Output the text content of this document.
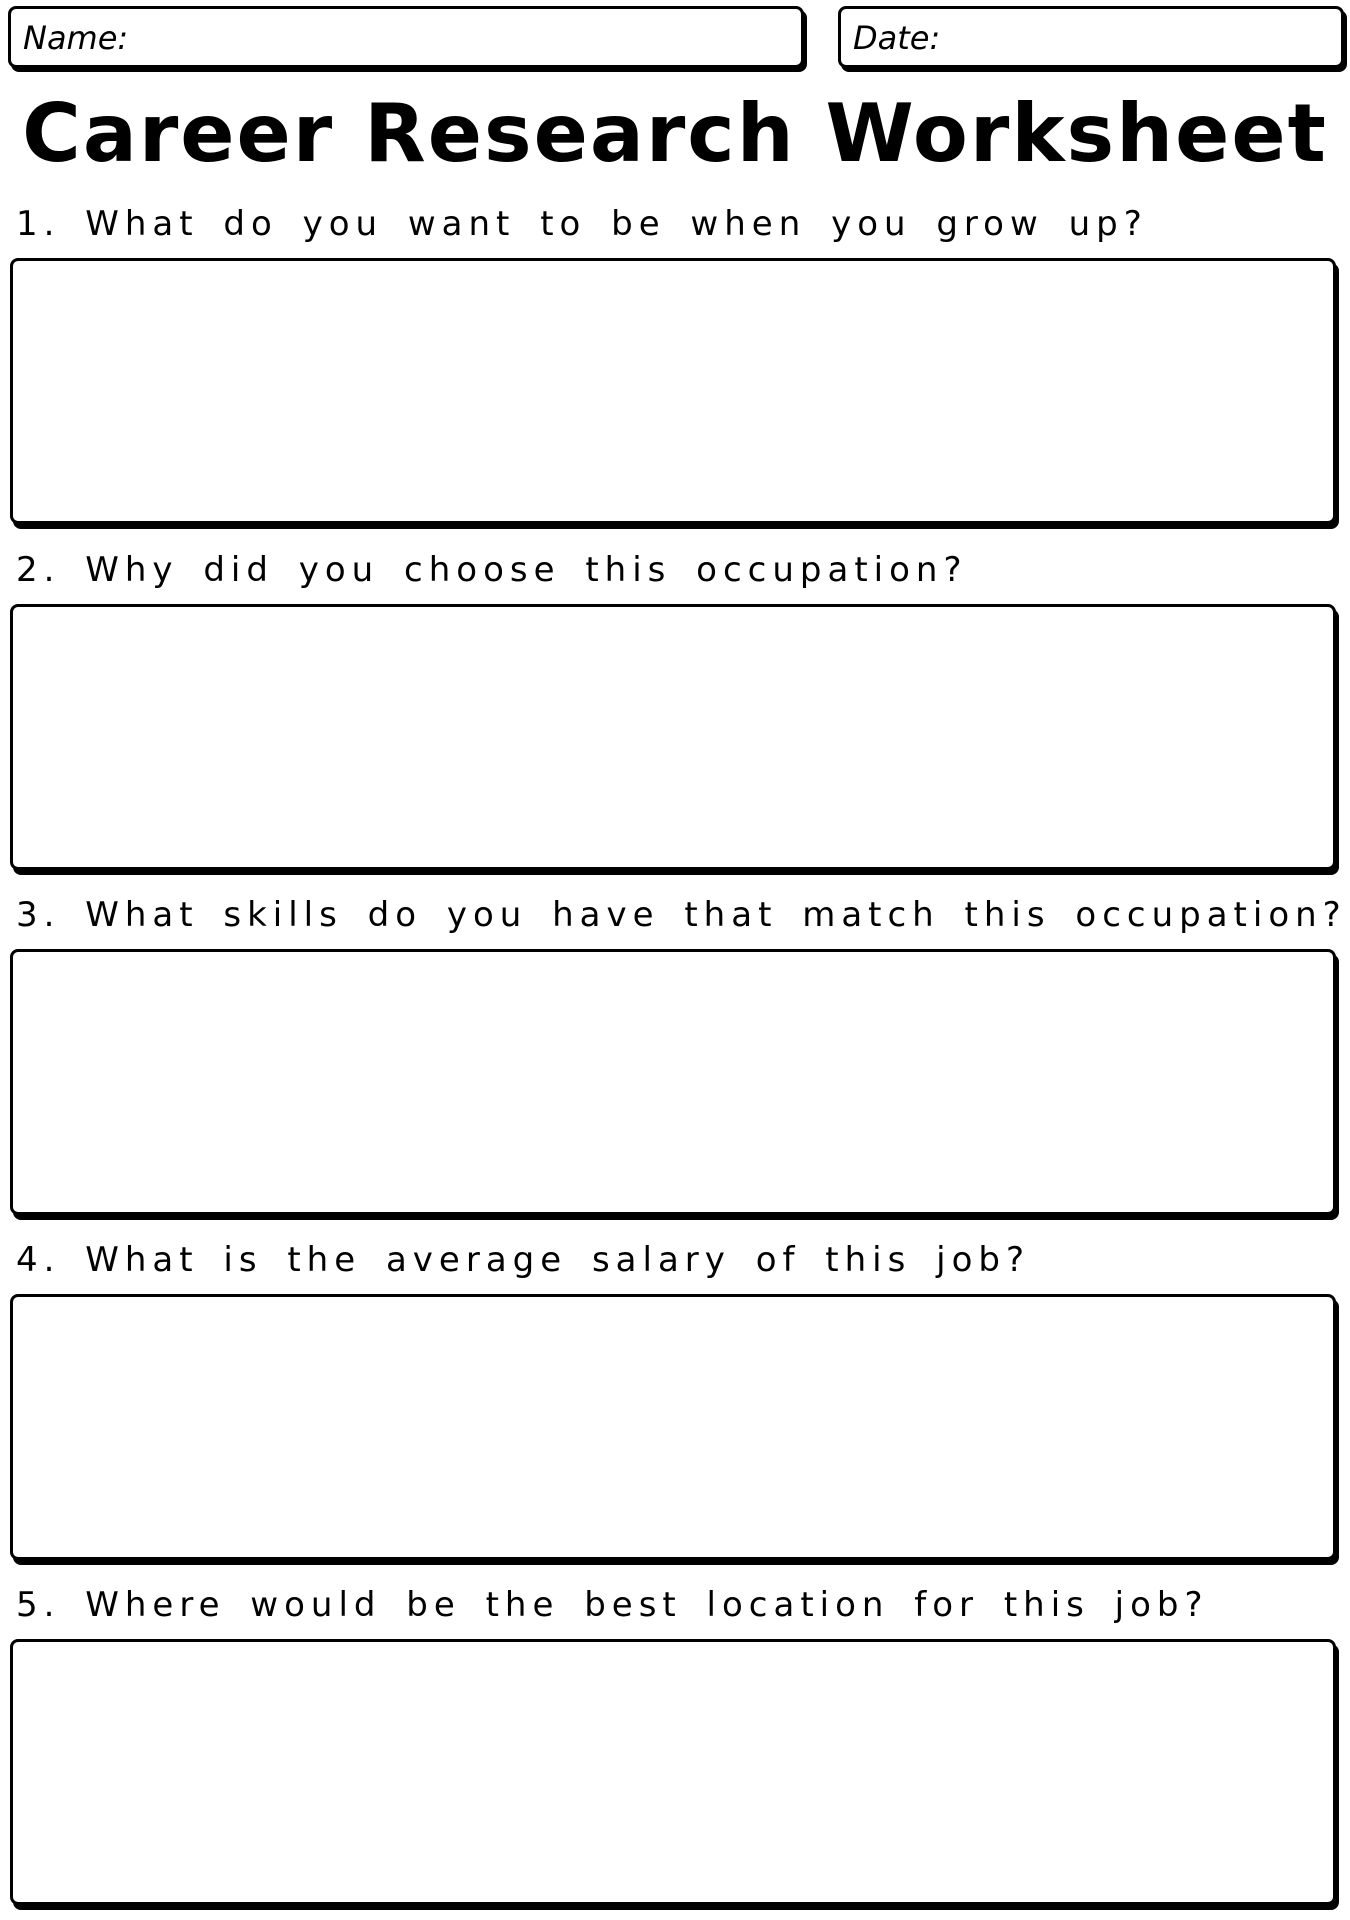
Name:	Date:
Career Research Worksheet
1. What do you want to be when you grow up?
2. Why did you choose this occupation?
3. What skills do you have that match this occupation?
4. What is the average salary of this job?
5. Where would be the best location for this job?
